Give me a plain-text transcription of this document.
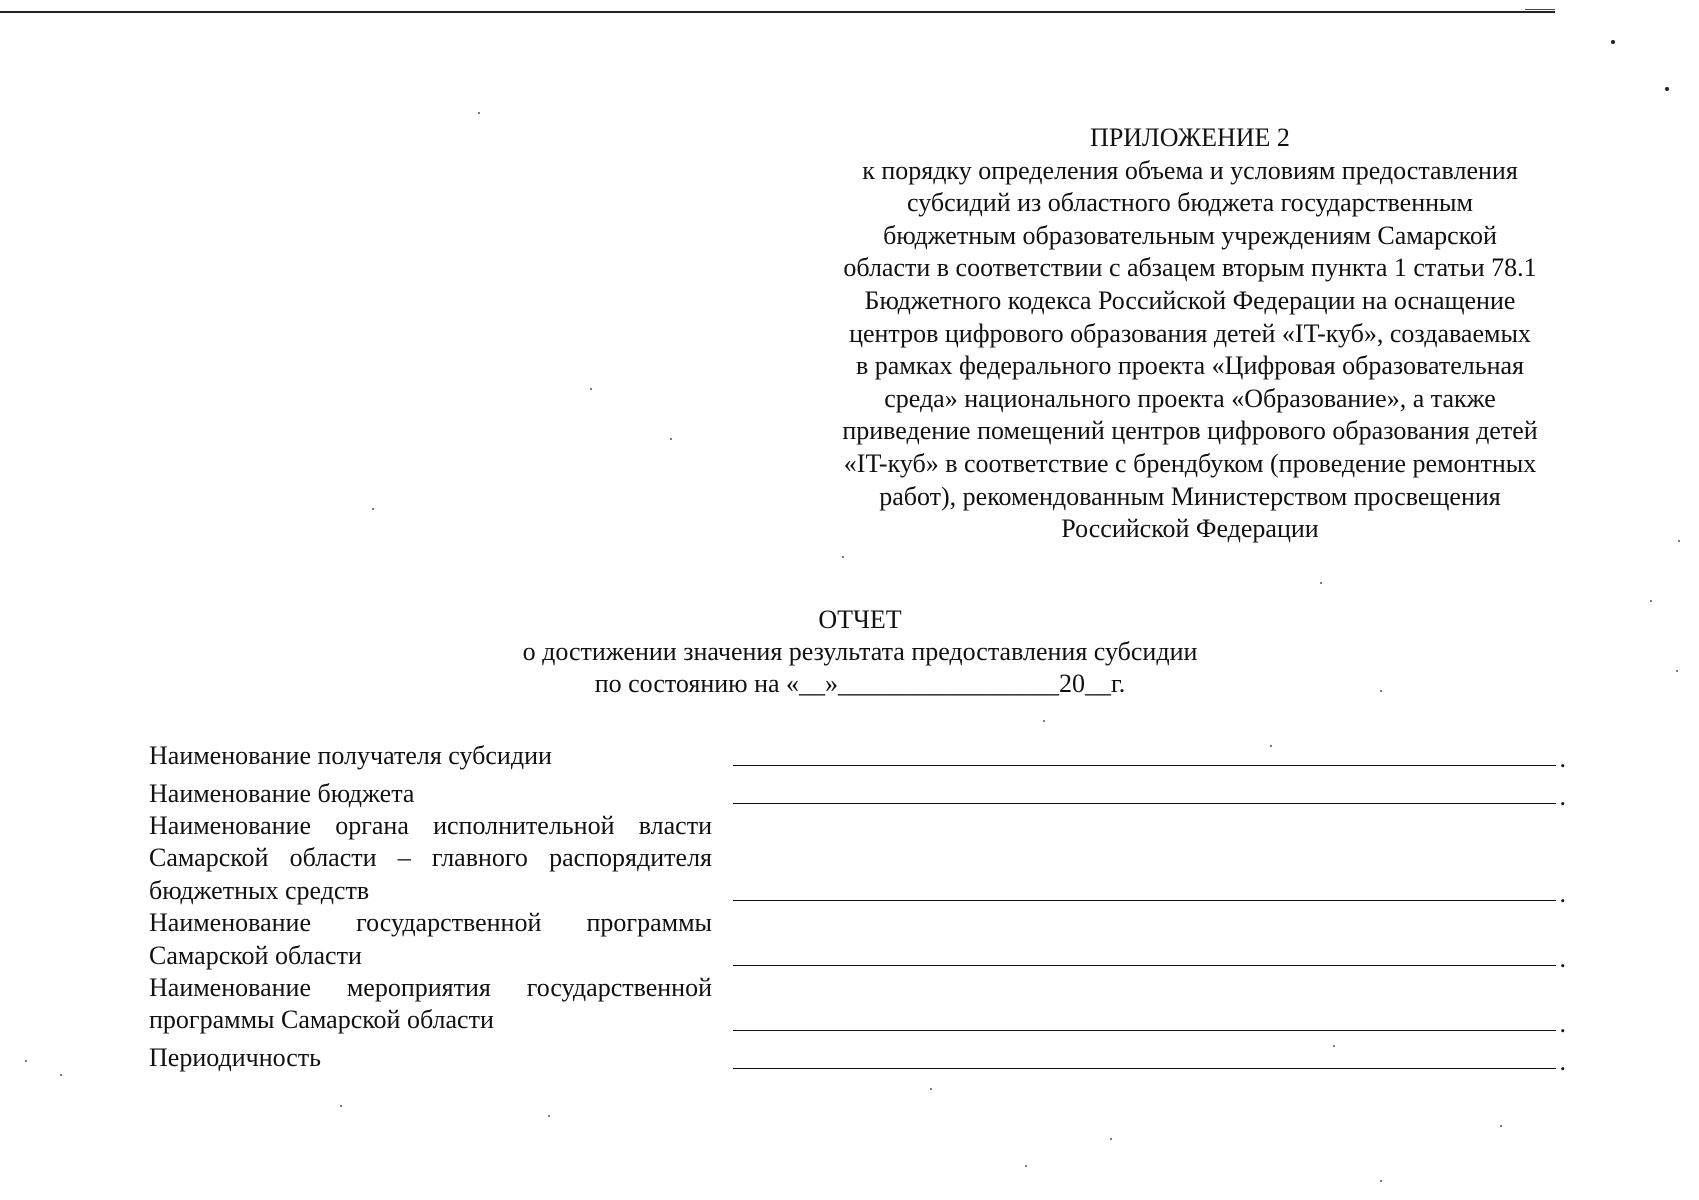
ПРИЛОЖЕНИЕ 2
к порядку определения объема и условиям предоставления
субсидий из областного бюджета государственным
бюджетным образовательным учреждениям Самарской
области в соответствии с абзацем вторым пункта 1 статьи 78.1
Бюджетного кодекса Российской Федерации на оснащение
центров цифрового образования детей «IT-куб», создаваемых
в рамках федерального проекта «Цифровая образовательная
среда» национального проекта «Образование», а также
приведение помещений центров цифрового образования детей
«IT-куб» в соответствие с брендбуком (проведение ремонтных
работ), рекомендованным Министерством просвещения
Российской Федерации
ОТЧЕТ
о достижении значения результата предоставления субсидии
по состоянию на «__»_________________20__г.
Наименование получателя субсидии	.
Наименование бюджета	.
Наименование органа исполнительной власти
Самарской области – главного распорядителя
бюджетных средств	.
Наименование государственной программы
Самарской области	.
Наименование мероприятия государственной
программы Самарской области	.
Периодичность	.
